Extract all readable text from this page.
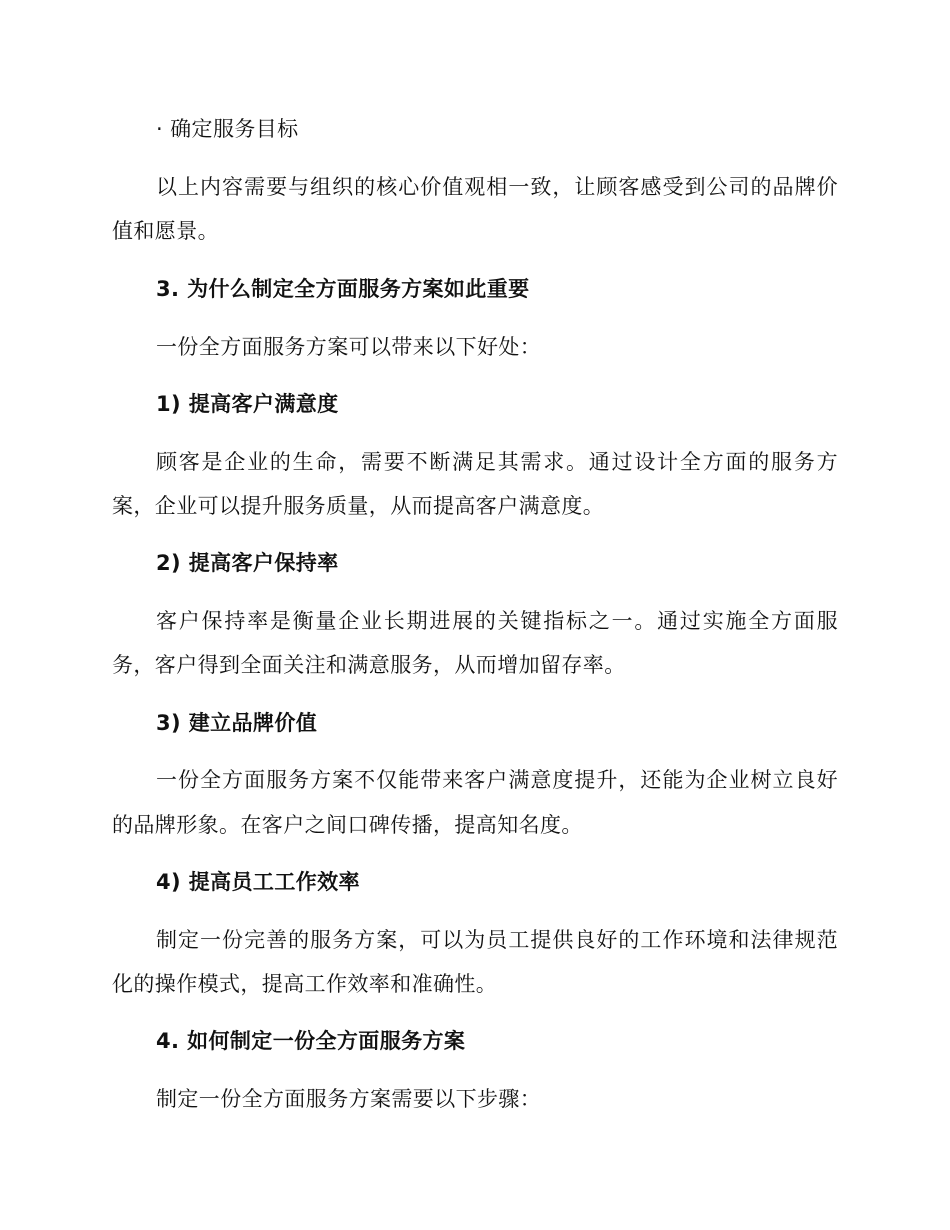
· 确定服务目标
以上内容需要与组织的核心价值观相一致，让顾客感受到公司的品牌价
值和愿景。
3. 为什么制定全方面服务方案如此重要
一份全方面服务方案可以带来以下好处：
1) 提高客户满意度
顾客是企业的生命，需要不断满足其需求。通过设计全方面的服务方
案，企业可以提升服务质量，从而提高客户满意度。
2) 提高客户保持率
客户保持率是衡量企业长期进展的关键指标之一。通过实施全方面服
务，客户得到全面关注和满意服务，从而增加留存率。
3) 建立品牌价值
一份全方面服务方案不仅能带来客户满意度提升，还能为企业树立良好
的品牌形象。在客户之间口碑传播，提高知名度。
4) 提高员工工作效率
制定一份完善的服务方案，可以为员工提供良好的工作环境和法律规范
化的操作模式，提高工作效率和准确性。
4. 如何制定一份全方面服务方案
制定一份全方面服务方案需要以下步骤：
